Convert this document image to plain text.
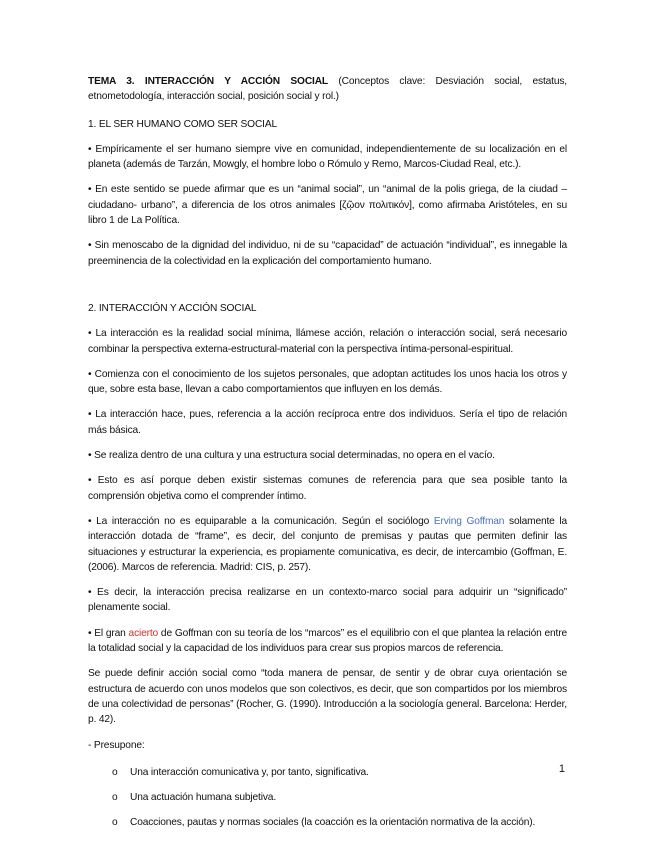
TEMA 3. INTERACCIÓN Y ACCIÓN SOCIAL (Conceptos clave: Desviación social, estatus, etnometodología, interacción social, posición social y rol.)

1. EL SER HUMANO COMO SER SOCIAL

• Empíricamente el ser humano siempre vive en comunidad, independientemente de su localización en el planeta (además de Tarzán, Mowgly, el hombre lobo o Rómulo y Remo, Marcos-Ciudad Real, etc.).

• En este sentido se puede afirmar que es un “animal social”, un “animal de la polis griega, de la ciudad –ciudadano- urbano”, a diferencia de los otros animales [ζῷον πολιτικόν], como afirmaba Aristóteles, en su libro 1 de La Política.

• Sin menoscabo de la dignidad del individuo, ni de su “capacidad” de actuación “individual”, es innegable la preeminencia de la colectividad en la explicación del comportamiento humano.

2. INTERACCIÓN Y ACCIÓN SOCIAL

• La interacción es la realidad social mínima, llámese acción, relación o interacción social, será necesario combinar la perspectiva externa-estructural-material con la perspectiva íntima-personal-espiritual.

• Comienza con el conocimiento de los sujetos personales, que adoptan actitudes los unos hacia los otros y que, sobre esta base, llevan a cabo comportamientos que influyen en los demás.

• La interacción hace, pues, referencia a la acción recíproca entre dos individuos. Sería el tipo de relación más básica.

• Se realiza dentro de una cultura y una estructura social determinadas, no opera en el vacío.

• Esto es así porque deben existir sistemas comunes de referencia para que sea posible tanto la comprensión objetiva como el comprender íntimo.

• La interacción no es equiparable a la comunicación. Según el sociólogo Erving Goffman solamente la interacción dotada de “frame”, es decir, del conjunto de premisas y pautas que permiten definir las situaciones y estructurar la experiencia, es propiamente comunicativa, es decir, de intercambio (Goffman, E. (2006). Marcos de referencia. Madrid: CIS, p. 257).

• Es decir, la interacción precisa realizarse en un contexto-marco social para adquirir un “significado” plenamente social.

• El gran acierto de Goffman con su teoría de los “marcos” es el equilibrio con el que plantea la relación entre la totalidad social y la capacidad de los individuos para crear sus propios marcos de referencia.

Se puede definir acción social como “toda manera de pensar, de sentir y de obrar cuya orientación se estructura de acuerdo con unos modelos que son colectivos, es decir, que son compartidos por los miembros de una colectividad de personas” (Rocher, G. (1990). Introducción a la sociología general. Barcelona: Herder, p. 42).

- Presupone:

o Una interacción comunicativa y, por tanto, significativa.
o Una actuación humana subjetiva.
o Coacciones, pautas y normas sociales (la coacción es la orientación normativa de la acción).
1
